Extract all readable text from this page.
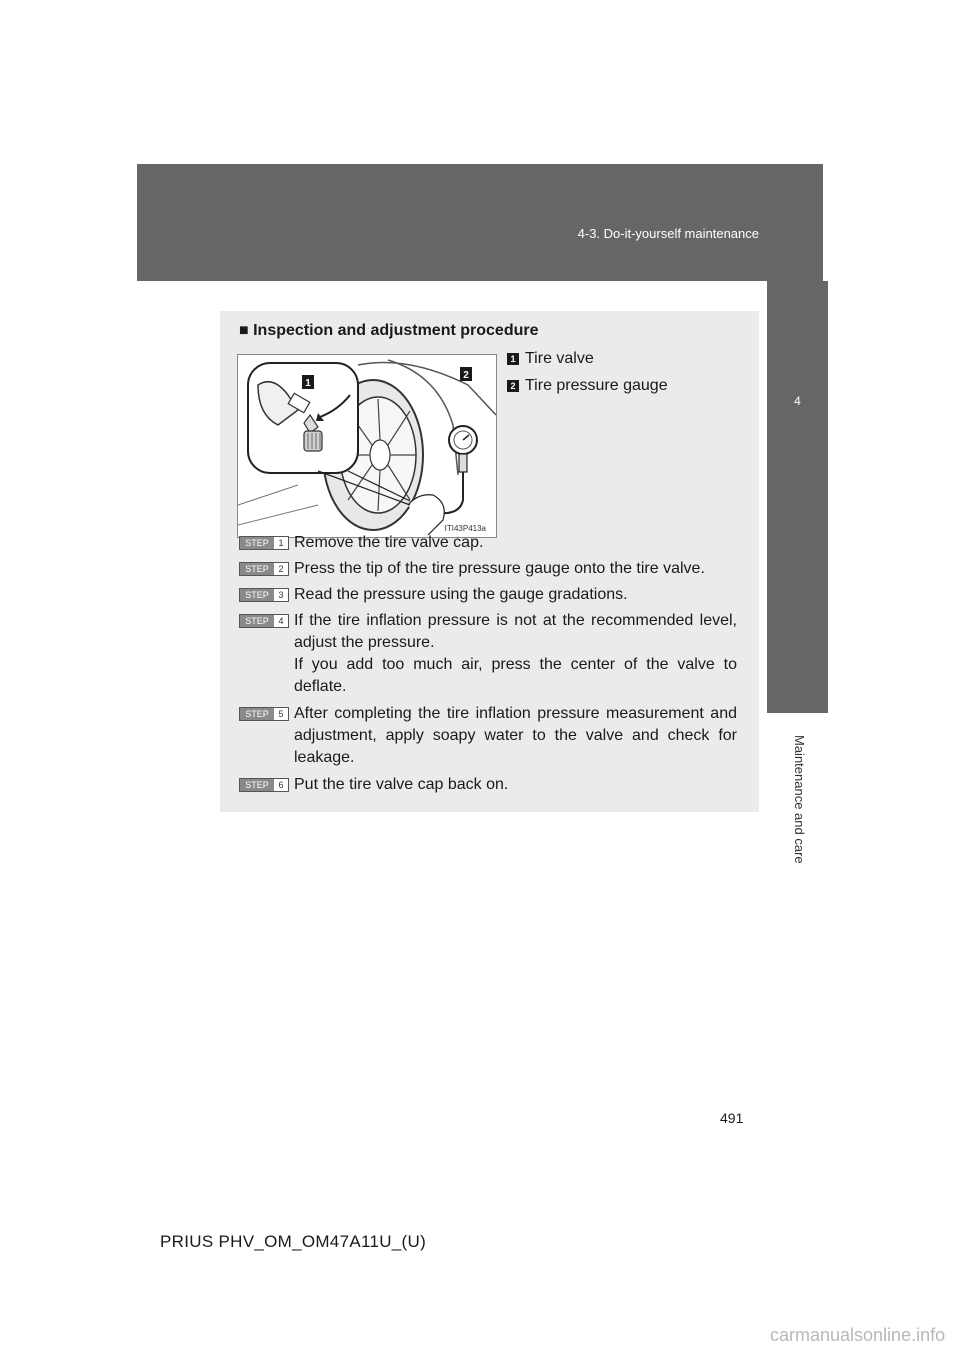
4-3. Do-it-yourself maintenance
4
Maintenance and care
■ Inspection and adjustment procedure
1
2
ITI43P413a
1 Tire valve
2 Tire pressure gauge
STEP	1 Remove the tire valve cap.
STEP	2 Press the tip of the tire pressure gauge onto the tire valve.
STEP	3 Read the pressure using the gauge gradations.
STEP	4 If the tire inflation pressure is not at the recommended level, adjust the pressure.
If you add too much air, press the center of the valve to deflate.
STEP	5 After completing the tire inflation pressure measurement and adjustment, apply soapy water to the valve and check for leakage.
STEP	6 Put the tire valve cap back on.
491
PRIUS PHV_OM_OM47A11U_(U)
carmanualsonline.info
